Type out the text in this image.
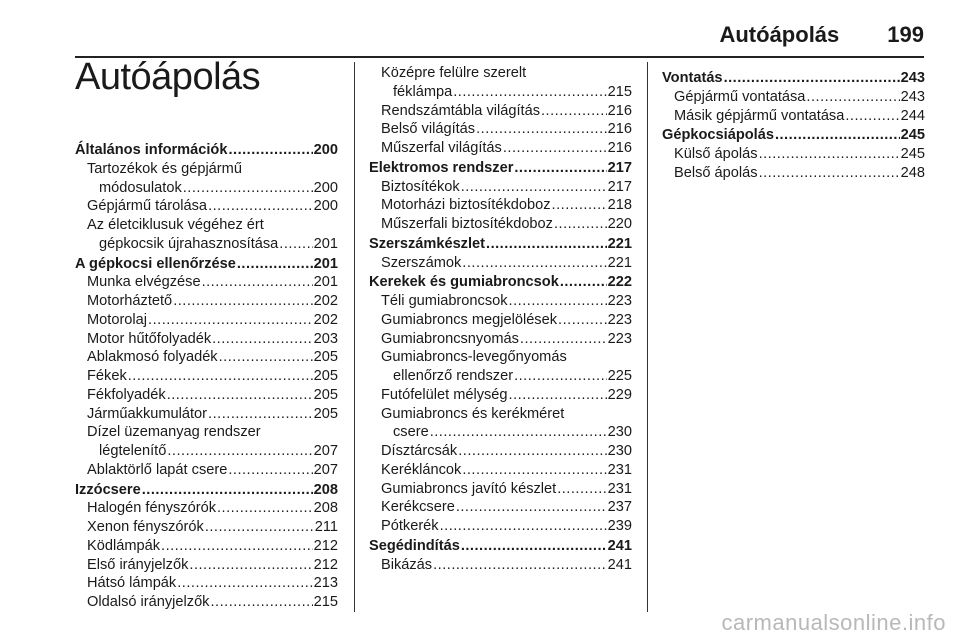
Autóápolás 199
Autóápolás
Általános információk .....	200
Tartozékok és gépjármű
módosulatok .....	200
Gépjármű tárolása .....	200
Az életciklusuk végéhez ért
gépkocsik újrahasznosítása ..... 201
A gépkocsi ellenőrzése .....	201
Munka elvégzése .....	201
Motorháztető .....	202
Motorolaj .....	202
Motor hűtőfolyadék .....	203
Ablakmosó folyadék .....	205
Fékek .....	205
Fékfolyadék .....	205
Járműakkumulátor .....	205
Dízel üzemanyag rendszer
légtelenítő .....	207
Ablaktörlő lapát csere .....	207
Izzócsere .....	208
Halogén fényszórók .....	208
Xenon fényszórók .....	211
Ködlámpák .....	212
Első irányjelzők .....	212
Hátsó lámpák .....	213
Oldalsó irányjelzők .....	215
Középre felülre szerelt
féklámpa .....	215
Rendszámtábla világítás .....	216
Belső világítás .....	216
Műszerfal világítás .....	216
Elektromos rendszer .....	217
Biztosítékok .....	217
Motorházi biztosítékdoboz .....	218
Műszerfali biztosítékdoboz .....	220
Szerszámkészlet .....	221
Szerszámok .....	221
Kerekek és gumiabroncsok .....	222
Téli gumiabroncsok .....	223
Gumiabroncs megjelölések .....	223
Gumiabroncsnyomás .....	223
Gumiabroncs-levegőnyomás
ellenőrző rendszer .....	225
Futófelület mélység .....	229
Gumiabroncs és kerékméret
csere .....	230
Dísztárcsák .....	230
Kerékláncok .....	231
Gumiabroncs javító készlet .....	231
Kerékcsere .....	237
Pótkerék .....	239
Segédindítás .....	241
Bikázás .....	241
Vontatás .....	243
Gépjármű vontatása .....	243
Másik gépjármű vontatása .....	244
Gépkocsiápolás .....	245
Külső ápolás .....	245
Belső ápolás .....	248
carmanualsonline.info
